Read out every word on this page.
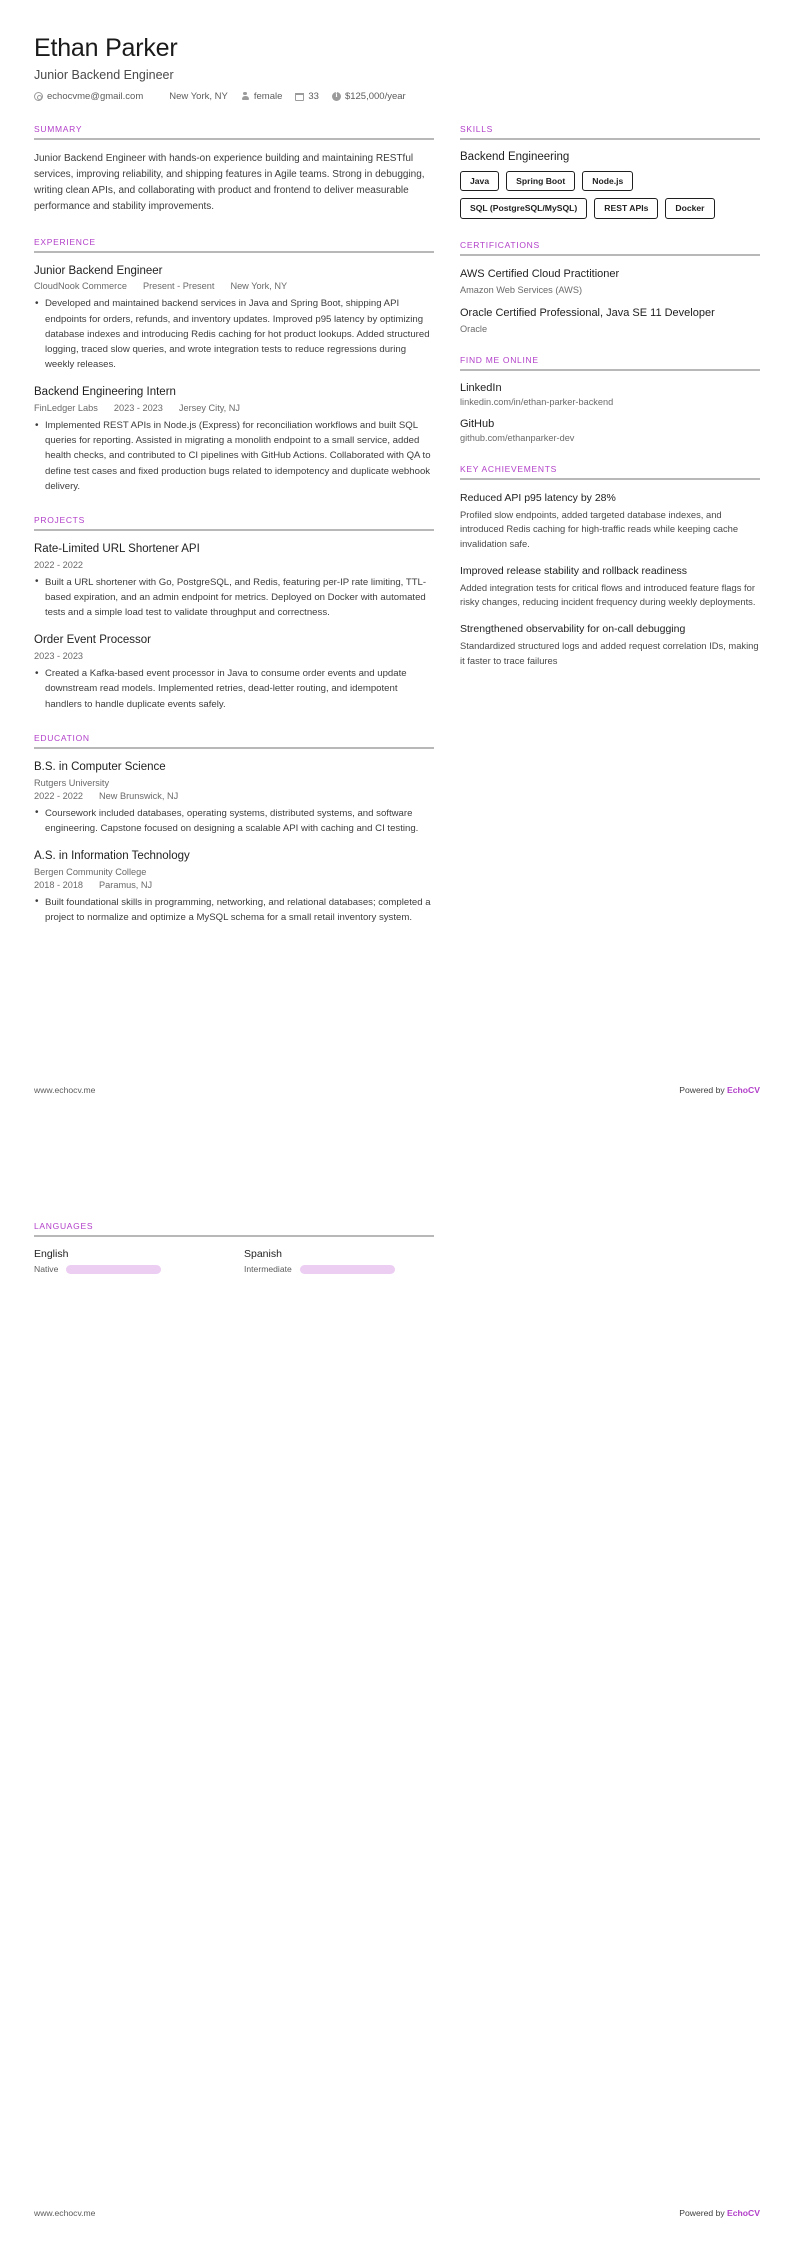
Ethan Parker
Junior Backend Engineer
echocvme@gmail.com	New York, NY	female	33 i	$125,000/year
SUMMARY

Junior Backend Engineer with hands-on experience building and maintaining RESTful services, improving reliability, and shipping features in Agile teams. Strong in debugging, writing clean APIs, and collaborating with product and frontend to deliver measurable performance and stability improvements.

EXPERIENCE
Junior Backend Engineer
CloudNook Commerce Present - Present New York, NY
• Developed and maintained backend services in Java and Spring Boot, shipping API endpoints for orders, refunds, and inventory updates. Improved p95 latency by optimizing database indexes and introducing Redis caching for hot product lookups. Added structured logging, traced slow queries, and wrote integration tests to reduce regressions during weekly releases.
Backend Engineering Intern
FinLedger Labs 2023 - 2023 Jersey City, NJ
• Implemented REST APIs in Node.js (Express) for reconciliation workflows and built SQL queries for reporting. Assisted in migrating a monolith endpoint to a small service, added health checks, and contributed to CI pipelines with GitHub Actions. Collaborated with QA to define test cases and fixed production bugs related to idempotency and duplicate webhook delivery.
PROJECTS
Rate-Limited URL Shortener API
2022 - 2022
• Built a URL shortener with Go, PostgreSQL, and Redis, featuring per-IP rate limiting, TTL-based expiration, and an admin endpoint for metrics. Deployed on Docker with automated tests and a simple load test to validate throughput and correctness.
Order Event Processor
2023 - 2023
• Created a Kafka-based event processor in Java to consume order events and update downstream read models. Implemented retries, dead-letter routing, and idempotent handlers to handle duplicate events safely.
EDUCATION
B.S. in Computer Science
Rutgers University
2022 - 2022 New Brunswick, NJ
• Coursework included databases, operating systems, distributed systems, and software engineering. Capstone focused on designing a scalable API with caching and CI testing.
A.S. in Information Technology
Bergen Community College
2018 - 2018 Paramus, NJ
• Built foundational skills in programming, networking, and relational databases; completed a project to normalize and optimize a MySQL schema for a small retail inventory system.
SKILLS
Backend Engineering
Java	Spring Boot	Node.js
SQL (PostgreSQL/MySQL)	REST APIs	Docker
CERTIFICATIONS
AWS Certified Cloud Practitioner
Amazon Web Services (AWS)
Oracle Certified Professional, Java SE 11 Developer
Oracle
FIND ME ONLINE
LinkedIn
linkedin.com/in/ethan-parker-backend
GitHub
github.com/ethanparker-dev
KEY ACHIEVEMENTS
Reduced API p95 latency by 28%
Profiled slow endpoints, added targeted database indexes, and introduced Redis caching for high-traffic reads while keeping cache invalidation safe.
Improved release stability and rollback readiness
Added integration tests for critical flows and introduced feature flags for risky changes, reducing incident frequency during weekly deployments.
Strengthened observability for on-call debugging
Standardized structured logs and added request correlation IDs, making it faster to trace failures
www.echocv.me	Powered by EchoCV
LANGUAGES
English
Native
Spanish
Intermediate
www.echocv.me	Powered by EchoCV
